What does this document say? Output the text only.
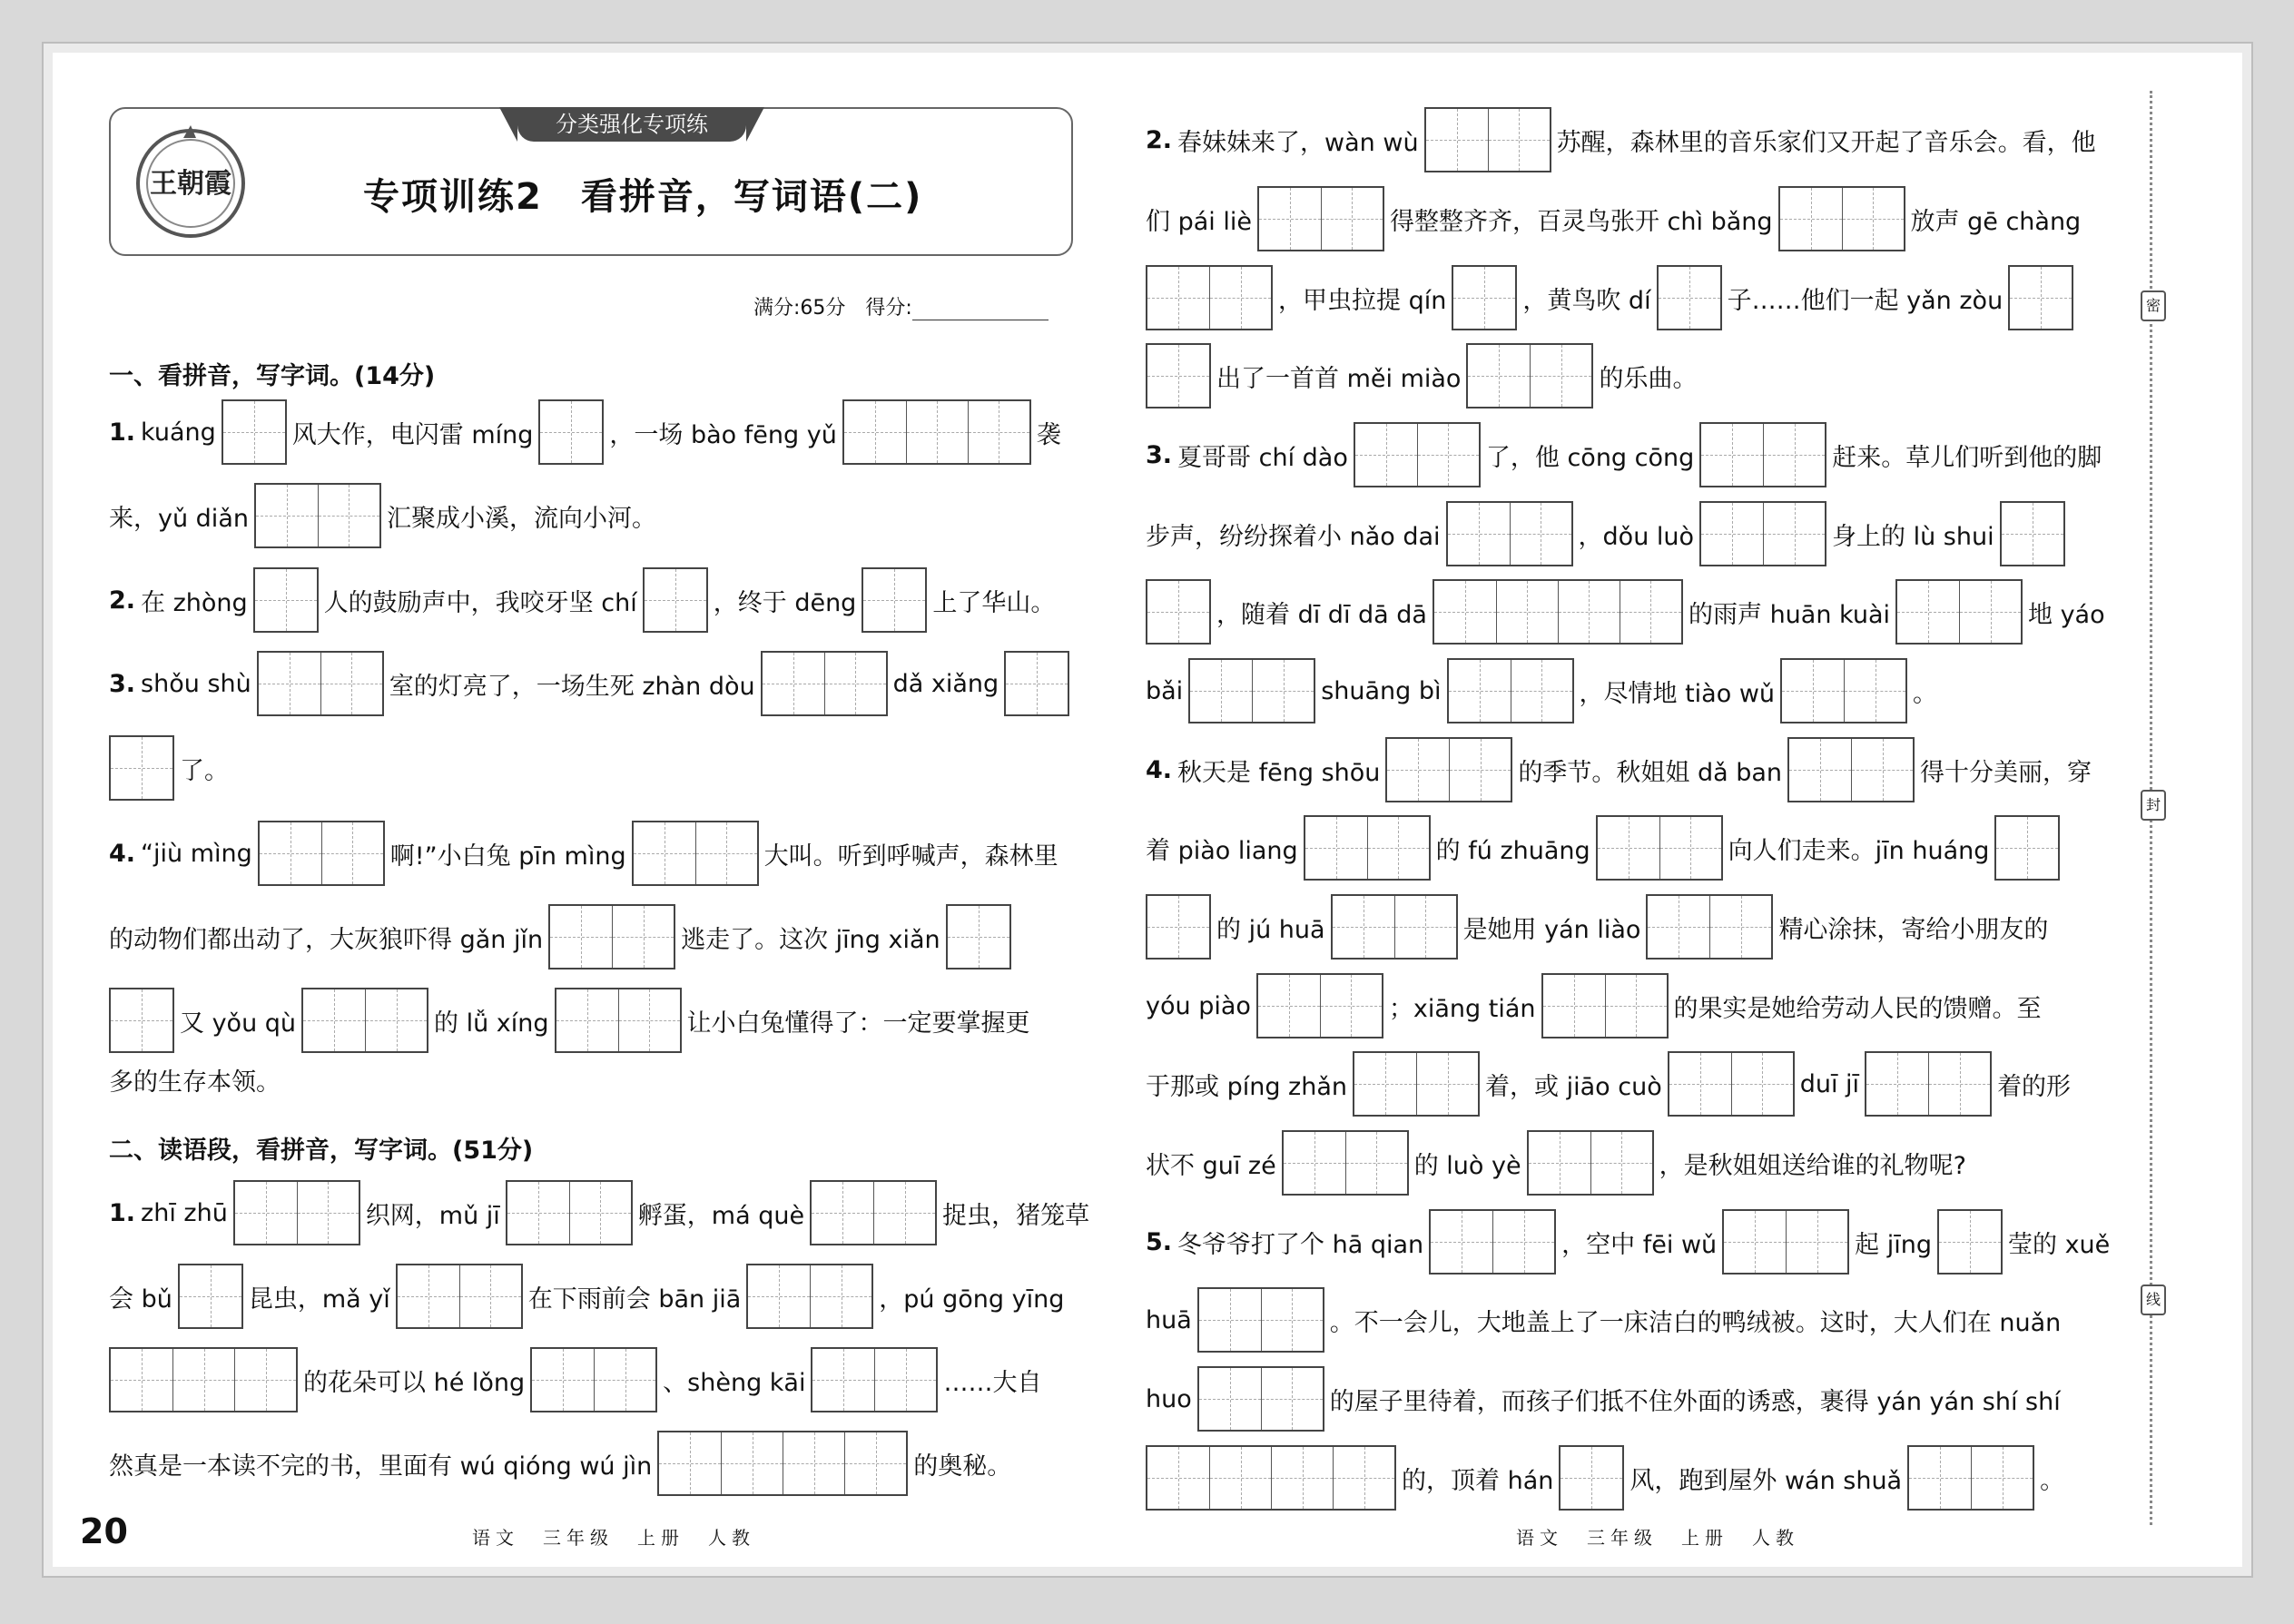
王朝霞
分类强化专项练
专项训练2　看拼音，写词语(二)
满分:65分　得分:
一、看拼音，写字词。(14分)
二、读语段，看拼音，写字词。(51分)
1. kuáng	风大作，电闪雷 míng	，一场 bào fēng yǔ	袭
来，yǔ diǎn	汇聚成小溪，流向小河。
2. 在 zhòng	人的鼓励声中，我咬牙坚 chí	，终于 dēng	上了华山。
3. shǒu shù	室的灯亮了，一场生死 zhàn dòu	dǎ xiǎng
了。
4. “jiù mìng	啊!”小白兔 pīn mìng	大叫。听到呼喊声，森林里
的动物们都出动了，大灰狼吓得 gǎn jǐn	逃走了。这次 jīng xiǎn
又 yǒu qù	的 lǚ xíng	让小白兔懂得了：一定要掌握更
多的生存本领。
1. zhī zhū	织网，mǔ jī	孵蛋，má què	捉虫，猪笼草
会 bǔ	昆虫，mǎ yǐ	在下雨前会 bān jiā	，pú gōng yīng
的花朵可以 hé lǒng	、shèng kāi	……大自
然真是一本读不完的书，里面有 wú qióng wú jìn	的奥秘。
2. 春妹妹来了，wàn wù	苏醒，森林里的音乐家们又开起了音乐会。看，他
们 pái liè	得整整齐齐，百灵鸟张开 chì bǎng	放声 gē chàng
，甲虫拉提 qín	，黄鸟吹 dí	子……他们一起 yǎn zòu
出了一首首 měi miào	的乐曲。
3. 夏哥哥 chí dào	了，他 cōng cōng	赶来。草儿们听到他的脚
步声，纷纷探着小 nǎo dai	，dǒu luò	身上的 lù shui
，随着 dī dī dā dā	的雨声 huān kuài	地 yáo
bǎi	shuāng bì	，尽情地 tiào wǔ	。
4. 秋天是 fēng shōu	的季节。秋姐姐 dǎ ban	得十分美丽，穿
着 piào liang	的 fú zhuāng	向人们走来。jīn huáng
的 jú huā	是她用 yán liào	精心涂抹，寄给小朋友的
yóu piào	；xiāng tián	的果实是她给劳动人民的馈赠。至
于那或 píng zhǎn	着，或 jiāo cuò	duī jī	着的形
状不 guī zé	的 luò yè	，是秋姐姐送给谁的礼物呢?
5. 冬爷爷打了个 hā qian	，空中 fēi wǔ	起 jīng	莹的 xuě
huā	。不一会儿，大地盖上了一床洁白的鸭绒被。这时，大人们在 nuǎn
huo	的屋子里待着，而孩子们抵不住外面的诱惑，裹得 yán yán shí shí
的，顶着 hán	风，跑到屋外 wán shuǎ	。
20	语文　三年级　上册　人教	语文　三年级　上册　人教
密
封
线
